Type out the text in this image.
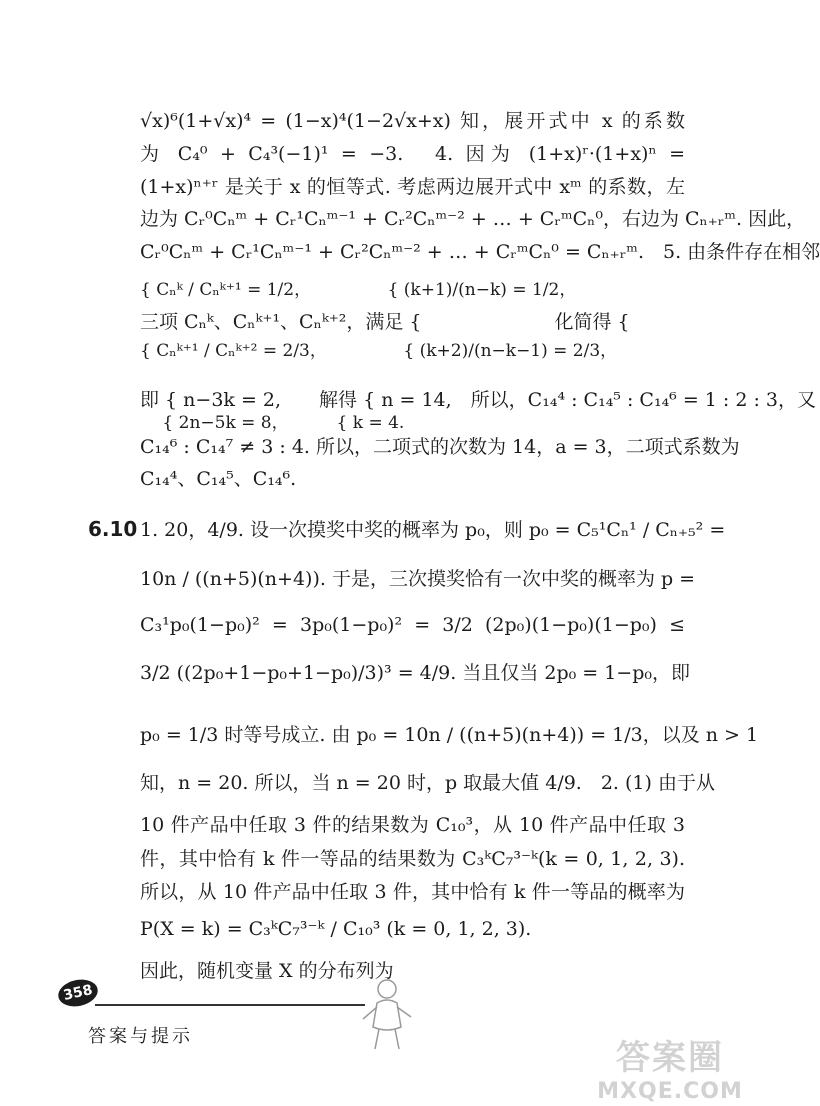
√x)⁶(1+√x)⁴ = (1−x)⁴(1−2√x+x) 知，展开式中 x 的系数
为 C₄⁰ + C₄³(−1)¹ = −3.　4. 因为 (1+x)ʳ·(1+x)ⁿ =
(1+x)ⁿ⁺ʳ 是关于 x 的恒等式. 考虑两边展开式中 xᵐ 的系数，左
边为 Cᵣ⁰Cₙᵐ + Cᵣ¹Cₙᵐ⁻¹ + Cᵣ²Cₙᵐ⁻² + … + CᵣᵐCₙ⁰，右边为 Cₙ₊ᵣᵐ. 因此，
Cᵣ⁰Cₙᵐ + Cᵣ¹Cₙᵐ⁻¹ + Cᵣ²Cₙᵐ⁻² + … + CᵣᵐCₙ⁰ = Cₙ₊ᵣᵐ.　5. 由条件存在相邻
{ Cₙᵏ / Cₙᵏ⁺¹ = 1/2，　　　　　{ (k+1)/(n−k) = 1/2，
三项 Cₙᵏ、Cₙᵏ⁺¹、Cₙᵏ⁺²，满足 {　　　　　　　化简得 {
{ Cₙᵏ⁺¹ / Cₙᵏ⁺² = 2/3，　　　　　{ (k+2)/(n−k−1) = 2/3，
即 { n−3k = 2,　　解得 { n = 14,　所以，C₁₄⁴ : C₁₄⁵ : C₁₄⁶ = 1 : 2 : 3，又
　 { 2n−5k = 8，　　　 { k = 4.
C₁₄⁶ : C₁₄⁷ ≠ 3 : 4. 所以，二项式的次数为 14，a = 3，二项式系数为
C₁₄⁴、C₁₄⁵、C₁₄⁶.
6.10 1. 20，4/9. 设一次摸奖中奖的概率为 p₀，则 p₀ = C₅¹Cₙ¹ / Cₙ₊₅² =
10n / ((n+5)(n+4)). 于是，三次摸奖恰有一次中奖的概率为 p =
C₃¹p₀(1−p₀)² = 3p₀(1−p₀)² = 3/2 (2p₀)(1−p₀)(1−p₀) ≤
3/2 ((2p₀+1−p₀+1−p₀)/3)³ = 4/9. 当且仅当 2p₀ = 1−p₀，即
p₀ = 1/3 时等号成立. 由 p₀ = 10n / ((n+5)(n+4)) = 1/3，以及 n > 1
知，n = 20. 所以，当 n = 20 时，p 取最大值 4/9.　2. (1) 由于从
10 件产品中任取 3 件的结果数为 C₁₀³，从 10 件产品中任取 3
件，其中恰有 k 件一等品的结果数为 C₃ᵏC₇³⁻ᵏ(k = 0, 1, 2, 3).
所以，从 10 件产品中任取 3 件，其中恰有 k 件一等品的概率为
P(X = k) = C₃ᵏC₇³⁻ᵏ / C₁₀³ (k = 0, 1, 2, 3).
因此，随机变量 X 的分布列为
358
答案与提示
答案圈
MXQE.COM
